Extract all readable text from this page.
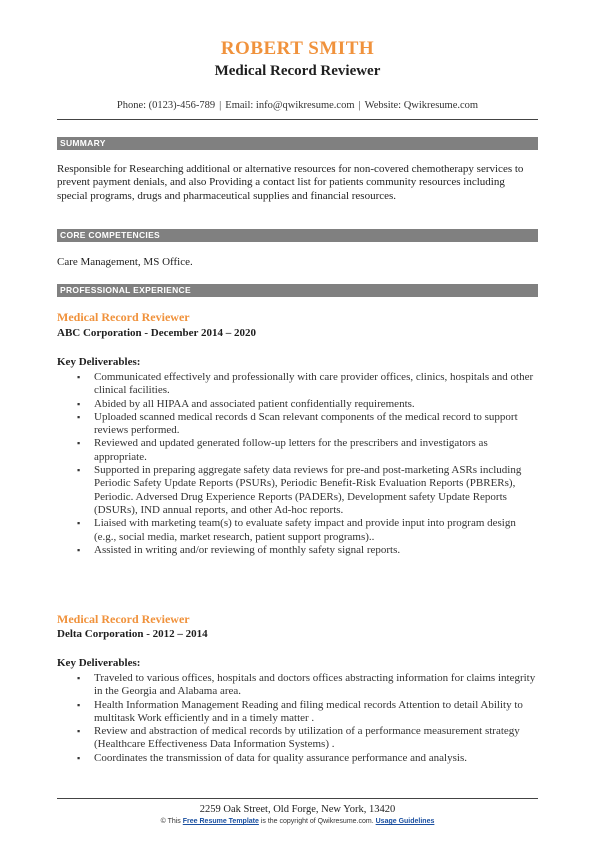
ROBERT SMITH
Medical Record Reviewer
Phone: (0123)-456-789 | Email: info@qwikresume.com | Website: Qwikresume.com
SUMMARY
Responsible for Researching additional or alternative resources for non-covered chemotherapy services to prevent payment denials, and also Providing a contact list for patients community resources including special programs, drugs and pharmaceutical supplies and financial resources.
CORE COMPETENCIES
Care Management, MS Office.
PROFESSIONAL EXPERIENCE
Medical Record Reviewer
ABC Corporation - December 2014 – 2020
Key Deliverables:
▪ Communicated effectively and professionally with care provider offices, clinics, hospitals and other clinical facilities.
▪ Abided by all HIPAA and associated patient confidentially requirements.
▪ Uploaded scanned medical records d Scan relevant components of the medical record to support reviews performed.
▪ Reviewed and updated generated follow-up letters for the prescribers and investigators as appropriate.
▪ Supported in preparing aggregate safety data reviews for pre-and post-marketing ASRs including Periodic Safety Update Reports (PSURs), Periodic Benefit-Risk Evaluation Reports (PBRERs), Periodic. Adversed Drug Experience Reports (PADERs), Development safety Update Reports (DSURs), IND annual reports, and other Ad-hoc reports.
▪ Liaised with marketing team(s) to evaluate safety impact and provide input into program design (e.g., social media, market research, patient support programs)..
▪ Assisted in writing and/or reviewing of monthly safety signal reports.
Medical Record Reviewer
Delta Corporation - 2012 – 2014
Key Deliverables:
▪ Traveled to various offices, hospitals and doctors offices abstracting information for claims integrity in the Georgia and Alabama area.
▪ Health Information Management Reading and filing medical records Attention to detail Ability to multitask Work efficiently and in a timely matter .
▪ Review and abstraction of medical records by utilization of a performance measurement strategy (Healthcare Effectiveness Data Information Systems) .
▪ Coordinates the transmission of data for quality assurance performance and analysis.
2259 Oak Street, Old Forge, New York, 13420
© This Free Resume Template is the copyright of Qwikresume.com. Usage Guidelines
